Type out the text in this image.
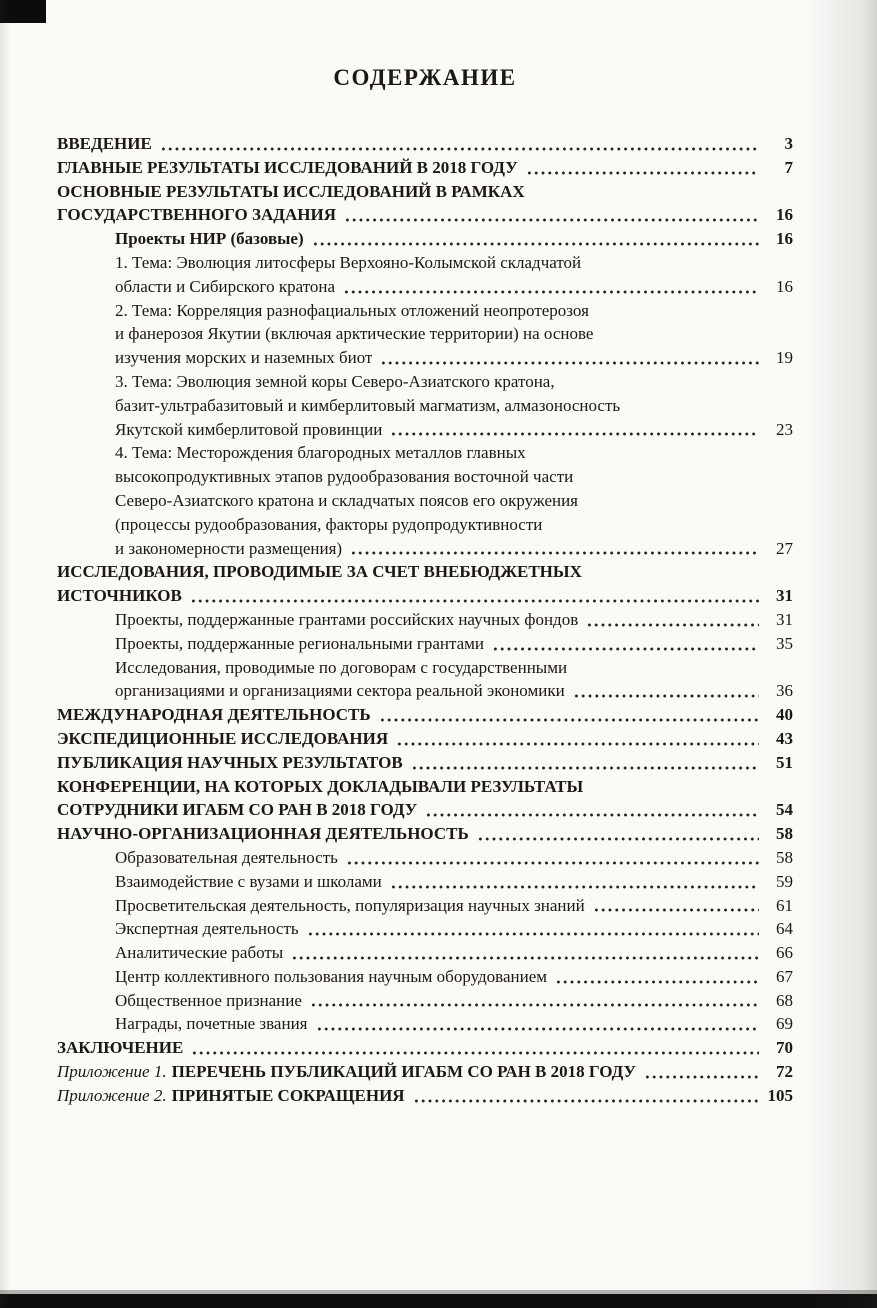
СОДЕРЖАНИЕ
ВВЕДЕНИЕ	3
ГЛАВНЫЕ РЕЗУЛЬТАТЫ ИССЛЕДОВАНИЙ В 2018 ГОДУ	7
ОСНОВНЫЕ РЕЗУЛЬТАТЫ ИССЛЕДОВАНИЙ В РАМКАХ
ГОСУДАРСТВЕННОГО ЗАДАНИЯ	16
Проекты НИР (базовые)	16
1. Тема: Эволюция литосферы Верхояно-Колымской складчатой
области и Сибирского кратона	16
2. Тема: Корреляция разнофациальных отложений неопротерозоя
и фанерозоя Якутии (включая арктические территории) на основе
изучения морских и наземных биот	19
3. Тема: Эволюция земной коры Северо-Азиатского кратона,
базит-ультрабазитовый и кимберлитовый магматизм, алмазоносность
Якутской кимберлитовой провинции	23
4. Тема: Месторождения благородных металлов главных
высокопродуктивных этапов рудообразования восточной части
Северо-Азиатского кратона и складчатых поясов его окружения
(процессы рудообразования, факторы рудопродуктивности
и закономерности размещения)	27
ИССЛЕДОВАНИЯ, ПРОВОДИМЫЕ ЗА СЧЕТ ВНЕБЮДЖЕТНЫХ
ИСТОЧНИКОВ	31
Проекты, поддержанные грантами российских научных фондов	31
Проекты, поддержанные региональными грантами	35
Исследования, проводимые по договорам с государственными
организациями и организациями сектора реальной экономики	36
МЕЖДУНАРОДНАЯ ДЕЯТЕЛЬНОСТЬ	40
ЭКСПЕДИЦИОННЫЕ ИССЛЕДОВАНИЯ	43
ПУБЛИКАЦИЯ НАУЧНЫХ РЕЗУЛЬТАТОВ	51
КОНФЕРЕНЦИИ, НА КОТОРЫХ ДОКЛАДЫВАЛИ РЕЗУЛЬТАТЫ
СОТРУДНИКИ ИГАБМ СО РАН В 2018 ГОДУ	54
НАУЧНО-ОРГАНИЗАЦИОННАЯ ДЕЯТЕЛЬНОСТЬ	58
Образовательная деятельность	58
Взаимодействие с вузами и школами	59
Просветительская деятельность, популяризация научных знаний	61
Экспертная деятельность	64
Аналитические работы	66
Центр коллективного пользования научным оборудованием	67
Общественное признание	68
Награды, почетные звания	69
ЗАКЛЮЧЕНИЕ	70
Приложение 1. ПЕРЕЧЕНЬ ПУБЛИКАЦИЙ ИГАБМ СО РАН В 2018 ГОДУ	72
Приложение 2. ПРИНЯТЫЕ СОКРАЩЕНИЯ	105
